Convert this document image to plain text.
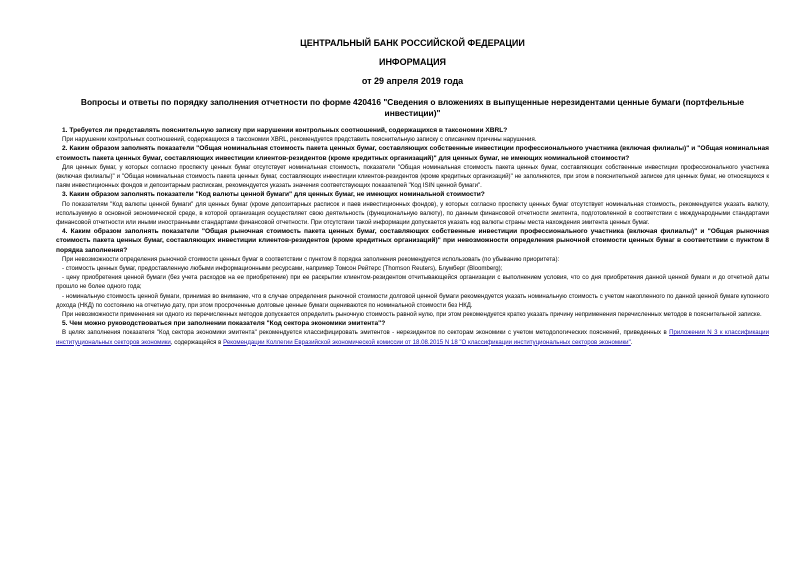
ЦЕНТРАЛЬНЫЙ БАНК РОССИЙСКОЙ ФЕДЕРАЦИИ
ИНФОРМАЦИЯ
от 29 апреля 2019 года
Вопросы и ответы по порядку заполнения отчетности по форме 420416 "Сведения о вложениях в выпущенные нерезидентами ценные бумаги (портфельные инвестиции)"

1. Требуется ли представлять пояснительную записку при нарушении контрольных соотношений, содержащихся в таксономии XBRL?

При нарушении контрольных соотношений, содержащихся в таксономии XBRL, рекомендуется представить пояснительную записку с описанием причины нарушения.

2. Каким образом заполнять показатели "Общая номинальная стоимость пакета ценных бумаг, составляющих собственные инвестиции профессионального участника (включая филиалы)" и "Общая номинальная стоимость пакета ценных бумаг, составляющих инвестиции клиентов-резидентов (кроме кредитных организаций)" для ценных бумаг, не имеющих номинальной стоимости?

Для ценных бумаг, у которых согласно проспекту ценных бумаг отсутствует номинальная стоимость, показатели "Общая номинальная стоимость пакета ценных бумаг, составляющих собственные инвестиции профессионального участника (включая филиалы)" и "Общая номинальная стоимость пакета ценных бумаг, составляющих инвестиции клиентов-резидентов (кроме кредитных организаций)" не заполняются, при этом в пояснительной записке для ценных бумаг, не относящихся к паям инвестиционных фондов и депозитарным распискам, рекомендуется указать значения соответствующих показателей "Код ISIN ценной бумаги".

3. Каким образом заполнять показатели "Код валюты ценной бумаги" для ценных бумаг, не имеющих номинальной стоимости?

По показателям "Код валюты ценной бумаги" для ценных бумаг (кроме депозитарных расписок и паев инвестиционных фондов), у которых согласно проспекту ценных бумаг отсутствует номинальная стоимость, рекомендуется указать валюту, используемую в основной экономической среде, в которой организация осуществляет свою деятельность (функциональную валюту), по данным финансовой отчетности эмитента, подготовленной в соответствии с международными стандартами финансовой отчетности или иными иностранными стандартами финансовой отчетности. При отсутствии такой информации допускается указать код валюты страны места нахождения эмитента ценных бумаг.

4. Каким образом заполнять показатели "Общая рыночная стоимость пакета ценных бумаг, составляющих собственные инвестиции профессионального участника (включая филиалы)" и "Общая рыночная стоимость пакета ценных бумаг, составляющих инвестиции клиентов-резидентов (кроме кредитных организаций)" при невозможности определения рыночной стоимости ценных бумаг в соответствии с пунктом 8 порядка заполнения?

При невозможности определения рыночной стоимости ценных бумаг в соответствии с пунктом 8 порядка заполнения рекомендуется использовать (по убыванию приоритета):

- стоимость ценных бумаг, предоставленную любыми информационными ресурсами, например Томсон Рейтерс (Thomson Reuters), Блумберг (Bloomberg);

- цену приобретения ценной бумаги (без учета расходов на ее приобретение) при ее раскрытии клиентом-резидентом отчитывающейся организации с выполнением условия, что со дня приобретения данной ценной бумаги и до отчетной даты прошло не более одного года;

- номинальную стоимость ценной бумаги, принимая во внимание, что в случае определения рыночной стоимости долговой ценной бумаги рекомендуется указать номинальную стоимость с учетом накопленного по данной ценной бумаге купонного дохода (НКД) по состоянию на отчетную дату, при этом просроченные долговые ценные бумаги оцениваются по номинальной стоимости без НКД.

При невозможности применения ни одного из перечисленных методов допускается определить рыночную стоимость равной нулю, при этом рекомендуется кратко указать причину неприменения перечисленных методов в пояснительной записке.

5. Чем можно руководствоваться при заполнении показателя "Код сектора экономики эмитента"?

В целях заполнения показателя "Код сектора экономики эмитента" рекомендуется классифицировать эмитентов - нерезидентов по секторам экономики с учетом методологических пояснений, приведенных в Приложении N 3 к классификации институциональных секторов экономики, содержащейся в Рекомендации Коллегии Евразийской экономической комиссии от 18.08.2015 N 18 "О классификации институциональных секторов экономики".
